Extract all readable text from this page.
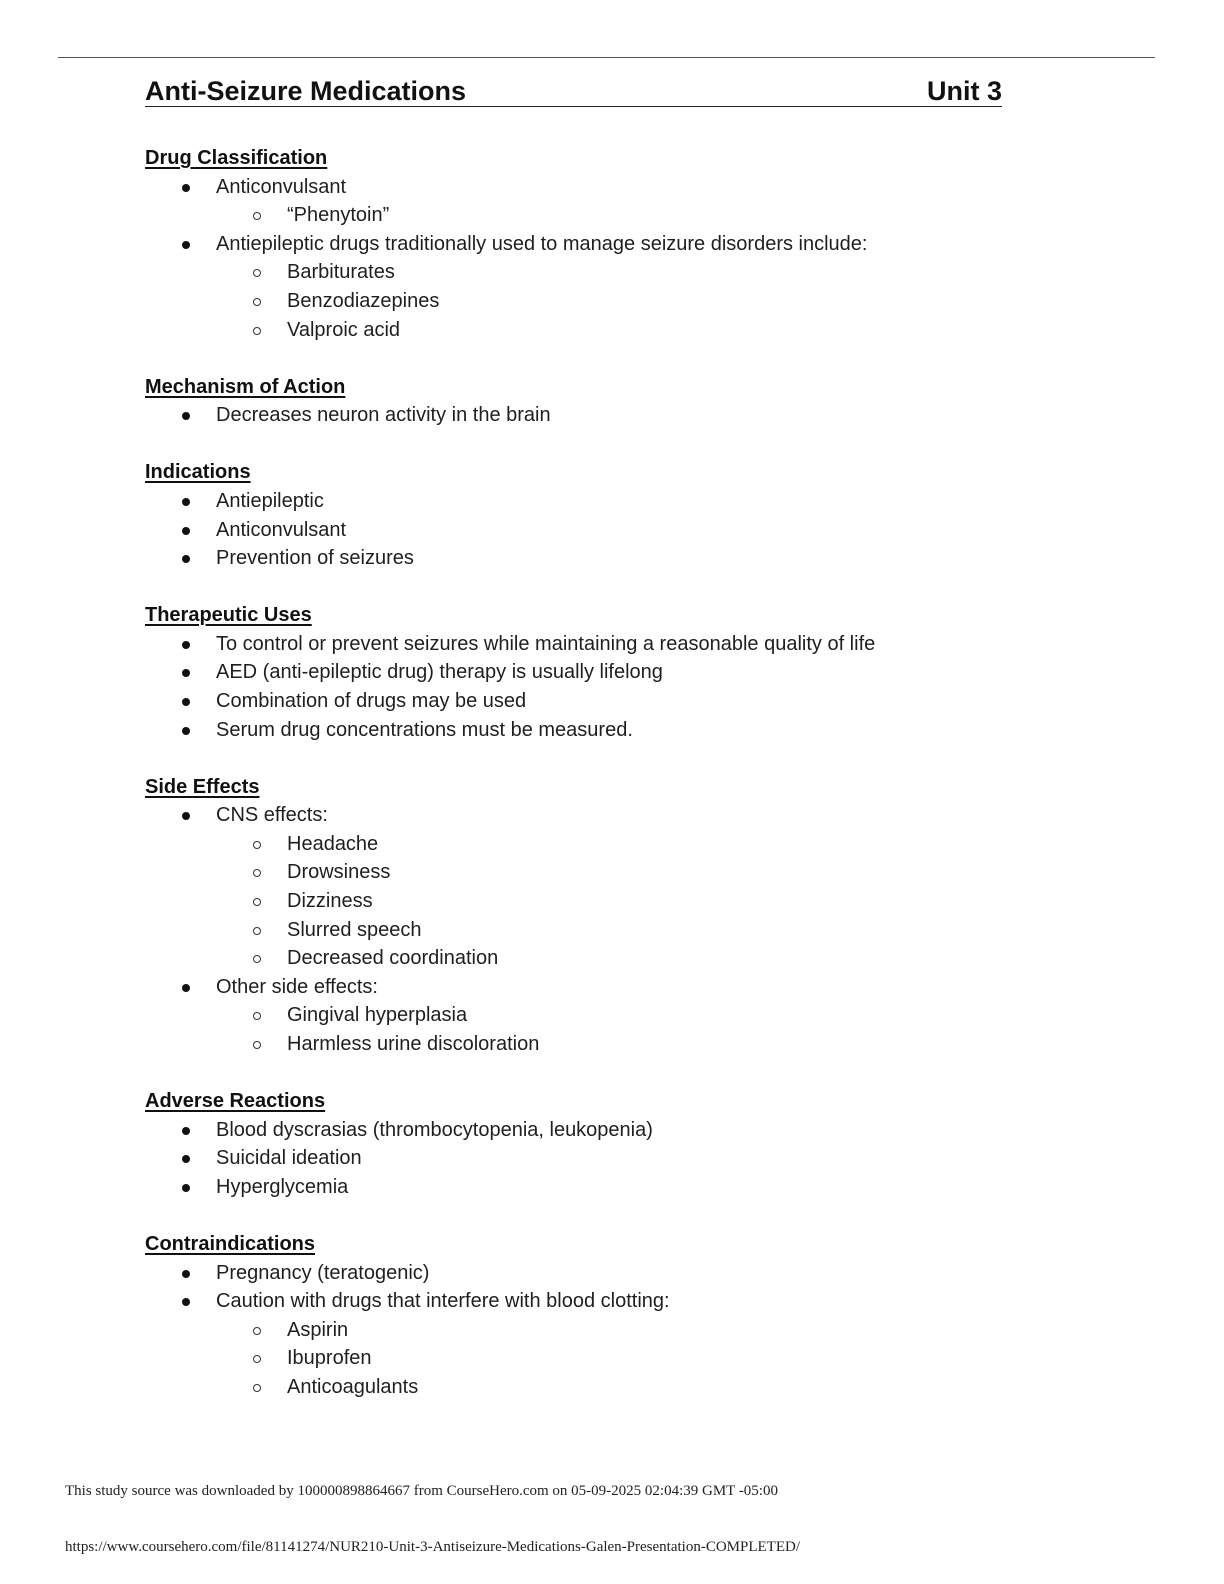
Anti-Seizure Medications	Unit 3
Drug Classification
Anticonvulsant
“Phenytoin”
Antiepileptic drugs traditionally used to manage seizure disorders include:
Barbiturates
Benzodiazepines
Valproic acid
Mechanism of Action
Decreases neuron activity in the brain
Indications
Antiepileptic
Anticonvulsant
Prevention of seizures
Therapeutic Uses
To control or prevent seizures while maintaining a reasonable quality of life
AED (anti-epileptic drug) therapy is usually lifelong
Combination of drugs may be used
Serum drug concentrations must be measured.
Side Effects
CNS effects:
Headache
Drowsiness
Dizziness
Slurred speech
Decreased coordination
Other side effects:
Gingival hyperplasia
Harmless urine discoloration
Adverse Reactions
Blood dyscrasias (thrombocytopenia, leukopenia)
Suicidal ideation
Hyperglycemia
Contraindications
Pregnancy (teratogenic)
Caution with drugs that interfere with blood clotting:
Aspirin
Ibuprofen
Anticoagulants
This study source was downloaded by 100000898864667 from CourseHero.com on 05-09-2025 02:04:39 GMT -05:00
https://www.coursehero.com/file/81141274/NUR210-Unit-3-Antiseizure-Medications-Galen-Presentation-COMPLETED/
